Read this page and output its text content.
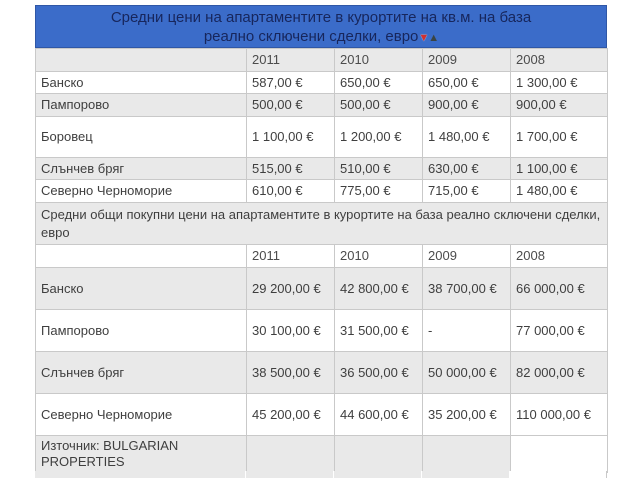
Средни цени на апартаментите в курортите на кв.м. на база
реално сключени сделки, евро▼▲
	2011	2010	2009	2008
Банско	587,00 €	650,00 €	650,00 €	1 300,00 €
Пампорово	500,00 €	500,00 €	900,00 €	900,00 €
Боровец	1 100,00 €	1 200,00 €	1 480,00 €	1 700,00 €
Слънчев бряг	515,00 €	510,00 €	630,00 €	1 100,00 €
Северно Черноморие	610,00 €	775,00 €	715,00 €	1 480,00 €
Средни общи покупни цени на апартаментите в курортите на база реално сключени сделки, евро				
	2011	2010	2009	2008
Банско	29 200,00 €	42 800,00 €	38 700,00 €	66 000,00 €
Пампорово	30 100,00 €	31 500,00 €	-	77 000,00 €
Слънчев бряг	38 500,00 €	36 500,00 €	50 000,00 €	82 000,00 €
Северно Черноморие	45 200,00 €	44 600,00 €	35 200,00 €	110 000,00 €
Източник: BULGARIAN PROPERTIES				
